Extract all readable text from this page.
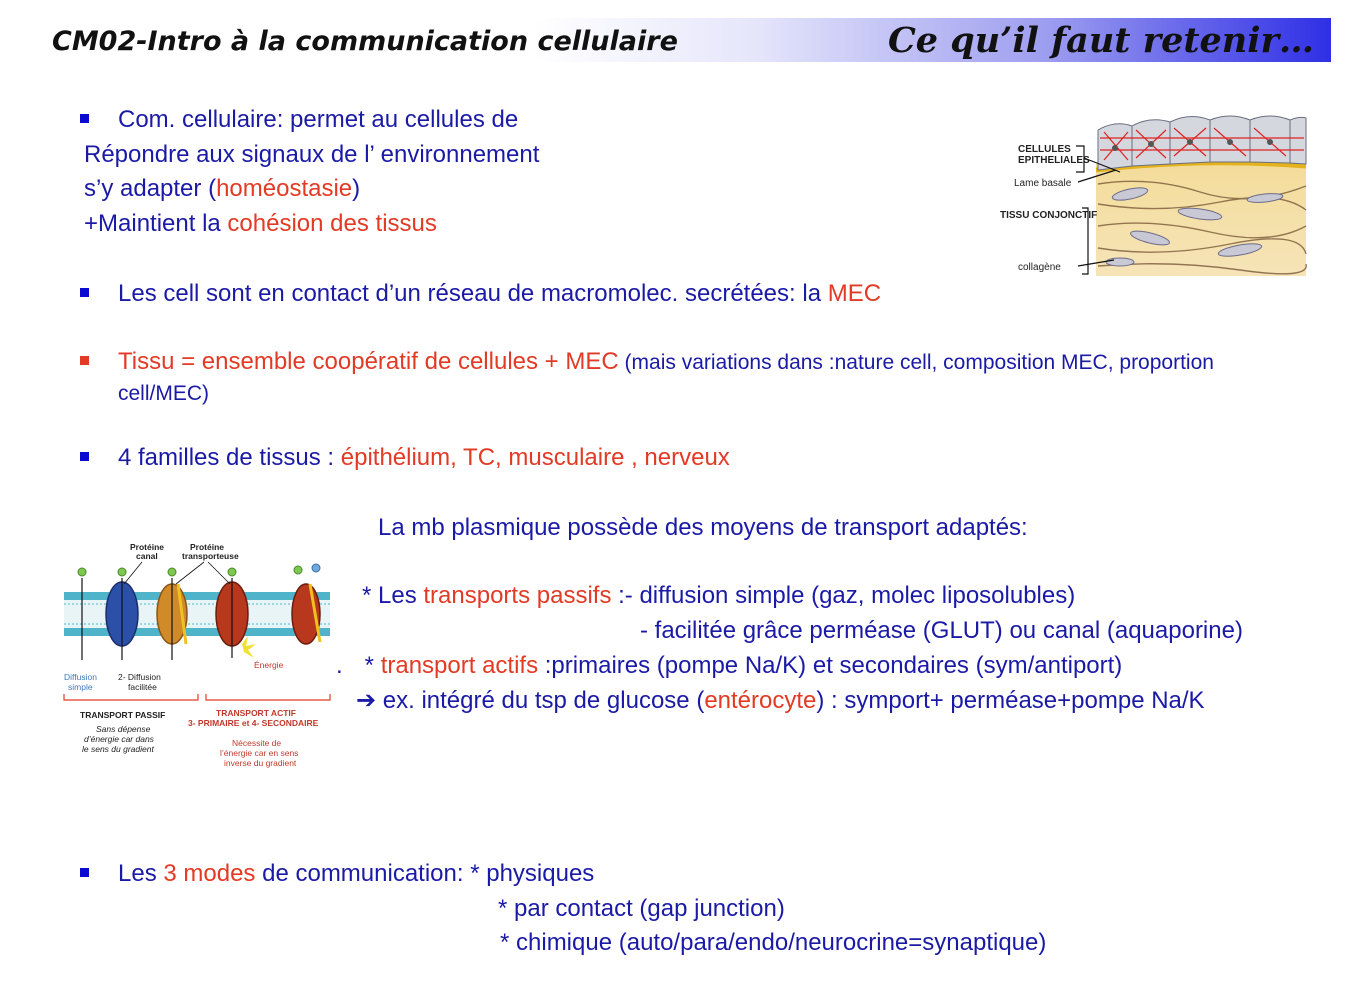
CM02-Intro à la communication cellulaire	Ce qu’il faut retenir…
Com. cellulaire: permet au cellules de
Répondre aux signaux de l’ environnement
s’y adapter (homéostasie)
+Maintient la cohésion des tissus
Les cell sont en contact d’un réseau de macromolec. secrétées: la MEC
Tissu = ensemble coopératif de cellules + MEC (mais variations dans :nature cell, composition MEC, proportion
cell/MEC)
4 familles de tissus : épithélium, TC, musculaire , nerveux
La mb plasmique possède des moyens de transport adaptés:
* Les transports passifs :- diffusion simple (gaz, molec liposolubles)
- facilitée grâce perméase (GLUT) ou canal (aquaporine)
. * transport actifs :primaires (pompe Na/K) et secondaires (sym/antiport)
➔ ex. intégré du tsp de glucose (entérocyte) : symport+ perméase+pompe Na/K
Les 3 modes de communication: * physiques
* par contact (gap junction)
* chimique (auto/para/endo/neurocrine=synaptique)
CELLULES
EPITHELIALES
Lame basale
TISSU CONJONCTIF
collagène
Protéine
canal
Protéine
transporteuse
Énergie
Diffusion
simple
2- Diffusion
facilitée
TRANSPORT PASSIF
Sans dépense
d’énergie car dans
le sens du gradient
TRANSPORT ACTIF
3- PRIMAIRE et 4- SECONDAIRE
Nécessite de
l’énergie car en sens
inverse du gradient
